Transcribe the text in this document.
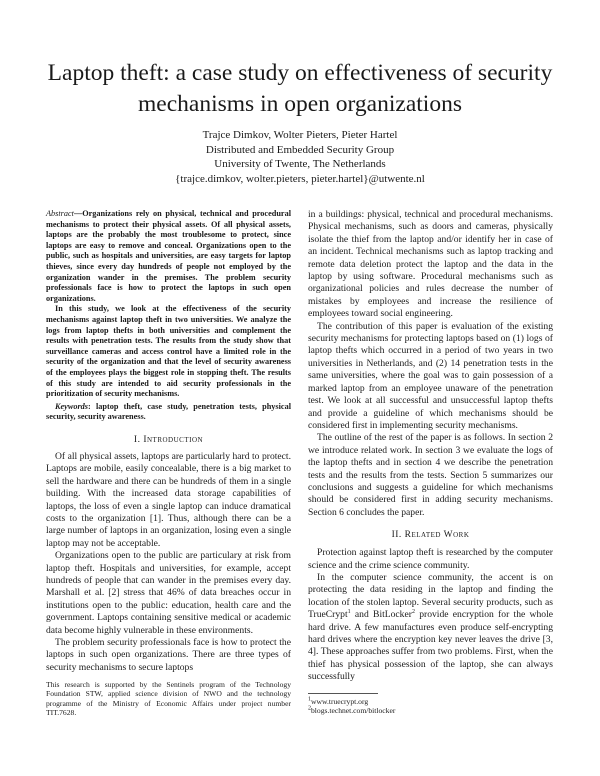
Laptop theft: a case study on effectiveness of security mechanisms in open organizations
Trajce Dimkov, Wolter Pieters, Pieter Hartel
Distributed and Embedded Security Group
University of Twente, The Netherlands
{trajce.dimkov, wolter.pieters, pieter.hartel}@utwente.nl

Abstract—Organizations rely on physical, technical and procedural mechanisms to protect their physical assets. Of all physical assets, laptops are the probably the most troublesome to protect, since laptops are easy to remove and conceal. Organizations open to the public, such as hospitals and universities, are easy targets for laptop thieves, since every day hundreds of people not employed by the organization wander in the premises. The problem security professionals face is how to protect the laptops in such open organizations.

In this study, we look at the effectiveness of the security mechanisms against laptop theft in two universities. We analyze the logs from laptop thefts in both universities and complement the results with penetration tests. The results from the study show that surveillance cameras and access control have a limited role in the security of the organization and that the level of security awareness of the employees plays the biggest role in stopping theft. The results of this study are intended to aid security professionals in the prioritization of security mechanisms.

Keywords: laptop theft, case study, penetration tests, physical security, security awareness.

I. Introduction

Of all physical assets, laptops are particularly hard to protect. Laptops are mobile, easily concealable, there is a big market to sell the hardware and there can be hundreds of them in a single building. With the increased data storage capabilities of laptops, the loss of even a single laptop can induce dramatical costs to the organization [1]. Thus, although there can be a large number of laptops in an organization, losing even a single laptop may not be acceptable.

Organizations open to the public are particulary at risk from laptop theft. Hospitals and universities, for example, accept hundreds of people that can wander in the premises every day. Marshall et al. [2] stress that 46% of data breaches occur in institutions open to the public: education, health care and the government. Laptops containing sensitive medical or academic data become highly vulnerable in these environments.

The problem security professionals face is how to protect the laptops in such open organizations. There are three types of security mechanisms to secure laptops

This research is supported by the Sentinels program of the Technology Foundation STW, applied science division of NWO and the technology programme of the Ministry of Economic Affairs under project number TIT.7628.

in a buildings: physical, technical and procedural mechanisms. Physical mechanisms, such as doors and cameras, physically isolate the thief from the laptop and/or identify her in case of an incident. Technical mechanisms such as laptop tracking and remote data deletion protect the laptop and the data in the laptop by using software. Procedural mechanisms such as organizational policies and rules decrease the number of mistakes by employees and increase the resilience of employees toward social engineering.

The contribution of this paper is evaluation of the existing security mechanisms for protecting laptops based on (1) logs of laptop thefts which occurred in a period of two years in two universities in Netherlands, and (2) 14 penetration tests in the same universities, where the goal was to gain possession of a marked laptop from an employee unaware of the penetration test. We look at all successful and unsuccessful laptop thefts and provide a guideline of which mechanisms should be considered first in implementing security mechanisms.

The outline of the rest of the paper is as follows. In section 2 we introduce related work. In section 3 we evaluate the logs of the laptop thefts and in section 4 we describe the penetration tests and the results from the tests. Section 5 summarizes our conclusions and suggests a guideline for which mechanisms should be considered first in adding security mechanisms. Section 6 concludes the paper.

II. Related Work

Protection against laptop theft is researched by the computer science and the crime science community.

In the computer science community, the accent is on protecting the data residing in the laptop and finding the location of the stolen laptop. Several security products, such as TrueCrypt$^1$ and BitLocker$^2$ provide encryption for the whole hard drive. A few manufactures even produce self-encrypting hard drives where the encryption key never leaves the drive [3, 4]. These approaches suffer from two problems. First, when the thief has physical possession of the laptop, she can always successfully

$^1$www.truecrypt.org
$^2$blogs.technet.com/bitlocker
